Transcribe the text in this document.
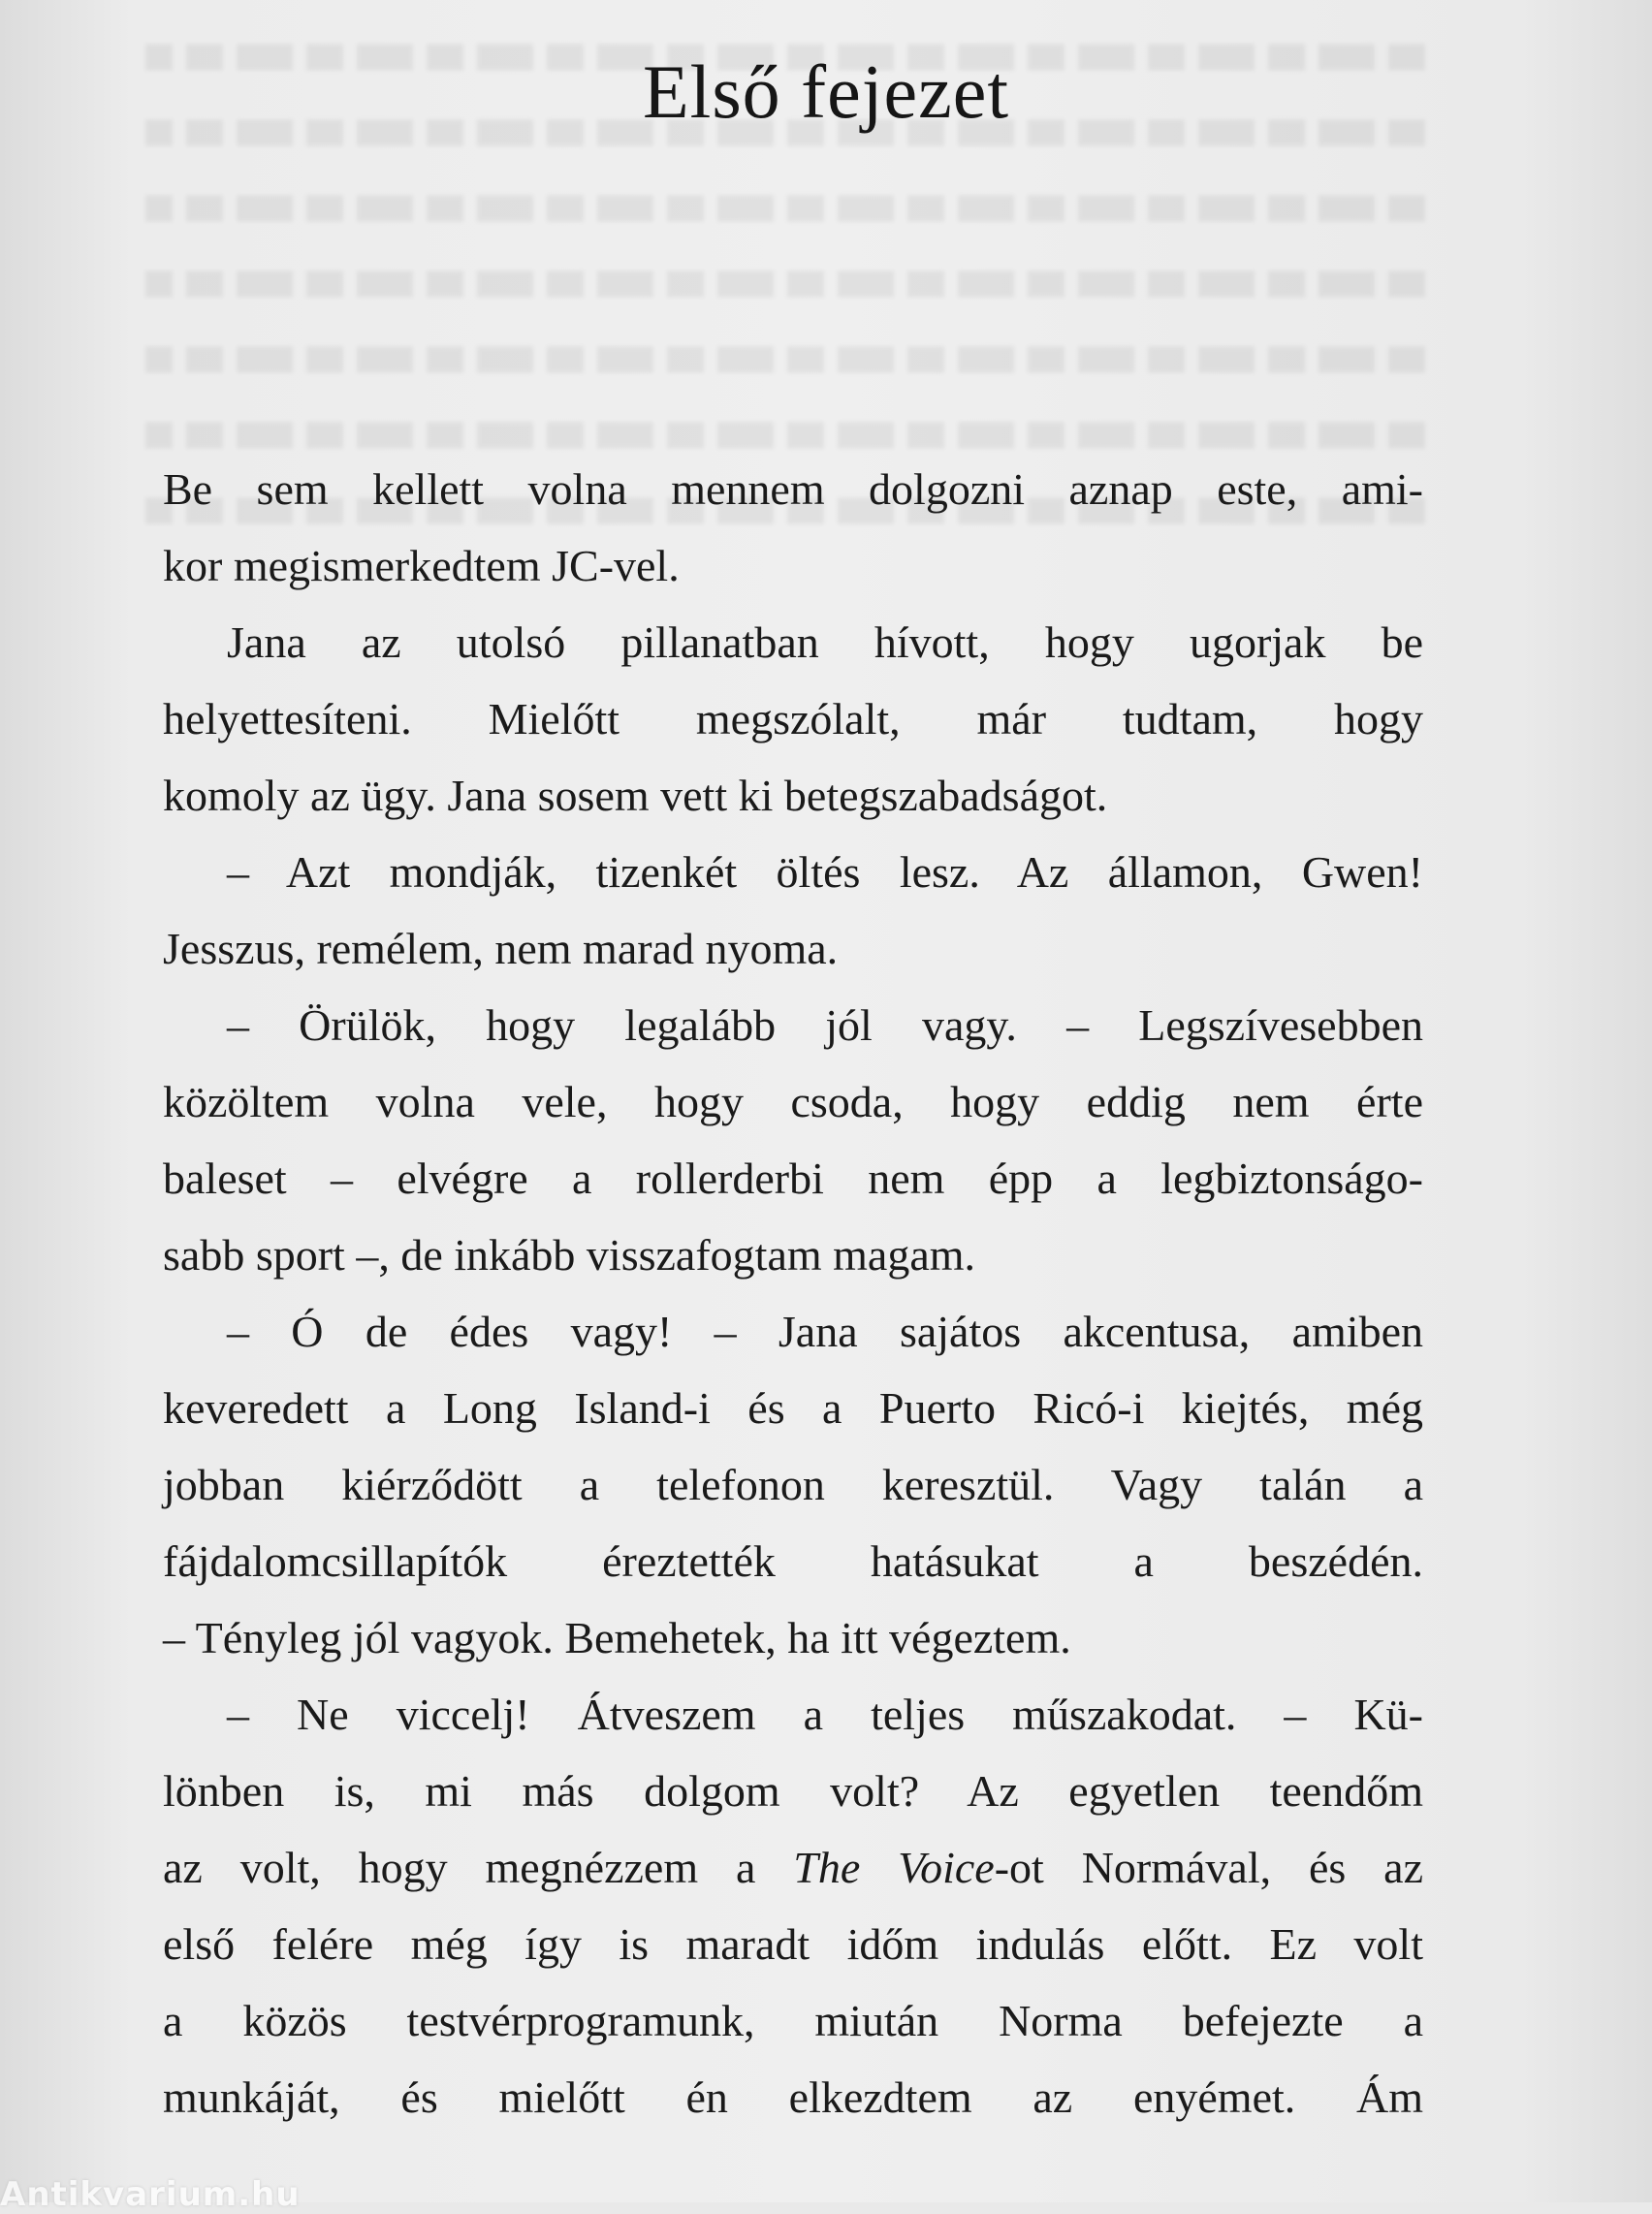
Első fejezet
Be sem kellett volna mennem dolgozni aznap este, ami-
kor megismerkedtem JC-vel.
Jana az utolsó pillanatban hívott, hogy ugorjak be
helyettesíteni. Mielőtt megszólalt, már tudtam, hogy
komoly az ügy. Jana sosem vett ki betegszabadságot.
– Azt mondják, tizenkét öltés lesz. Az államon, Gwen!
Jesszus, remélem, nem marad nyoma.
– Örülök, hogy legalább jól vagy. – Legszívesebben
közöltem volna vele, hogy csoda, hogy eddig nem érte
baleset – elvégre a rollerderbi nem épp a legbiztonságo-
sabb sport –, de inkább visszafogtam magam.
– Ó de édes vagy! – Jana sajátos akcentusa, amiben
keveredett a Long Island-i és a Puerto Ricó-i kiejtés, még
jobban kiérződött a telefonon keresztül. Vagy talán a
fájdalomcsillapítók éreztették hatásukat a beszédén.
– Tényleg jól vagyok. Bemehetek, ha itt végeztem.
– Ne viccelj! Átveszem a teljes műszakodat. – Kü-
lönben is, mi más dolgom volt? Az egyetlen teendőm
az volt, hogy megnézzem a The Voice-ot Normával, és az
első felére még így is maradt időm indulás előtt. Ez volt
a közös testvérprogramunk, miután Norma befejezte a
munkáját, és mielőtt én elkezdtem az enyémet. Ám
Antikvarium.hu
